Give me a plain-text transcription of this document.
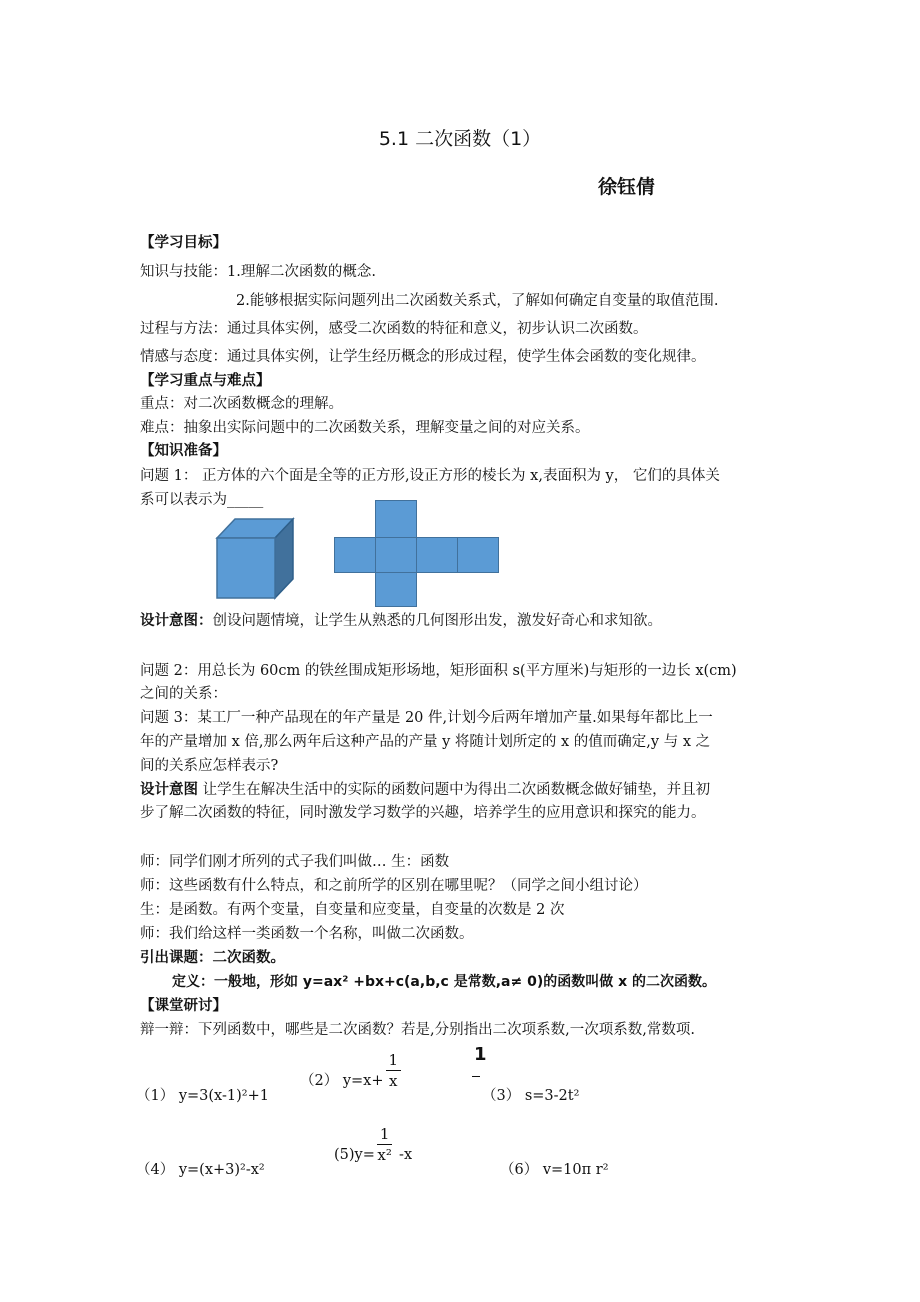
5.1 二次函数（1）
徐钰倩
【学习目标】
知识与技能：1.理解二次函数的概念.
2.能够根据实际问题列出二次函数关系式，了解如何确定自变量的取值范围.
过程与方法：通过具体实例，感受二次函数的特征和意义，初步认识二次函数。
情感与态度：通过具体实例，让学生经历概念的形成过程，使学生体会函数的变化规律。
【学习重点与难点】
重点：对二次函数概念的理解。
难点：抽象出实际问题中的二次函数关系，理解变量之间的对应关系。
【知识准备】
问题 1： 正方体的六个面是全等的正方形,设正方形的棱长为 x,表面积为 y， 它们的具体关
系可以表示为_____
设计意图：创设问题情境，让学生从熟悉的几何图形出发，激发好奇心和求知欲。
问题 2：用总长为 60cm 的铁丝围成矩形场地，矩形面积 s(平方厘米)与矩形的一边长 x(cm)
之间的关系：
问题 3：某工厂一种产品现在的年产量是 20 件,计划今后两年增加产量.如果每年都比上一
年的产量增加 x 倍,那么两年后这种产品的产量 y 将随计划所定的 x 的值而确定,y 与 x 之
间的关系应怎样表示?
设计意图 让学生在解决生活中的实际的函数问题中为得出二次函数概念做好铺垫，并且初
步了解二次函数的特征，同时激发学习数学的兴趣，培养学生的应用意识和探究的能力。
师：同学们刚才所列的式子我们叫做… 生：函数
师：这些函数有什么特点，和之前所学的区别在哪里呢？（同学之间小组讨论）
生：是函数。有两个变量，自变量和应变量，自变量的次数是 2 次
师：我们给这样一类函数一个名称，叫做二次函数。
引出课题：二次函数。
定义：一般地，形如 y=ax² +bx+c(a,b,c 是常数,a≠ 0)的函数叫做 x 的二次函数。
【课堂研讨】
辩一辩：下列函数中，哪些是二次函数？若是,分别指出二次项系数,一次项系数,常数项.
（1） y=3(x-1)²+1
（2） $y=x+ \frac{1}{x}$	1
（3） s=3-2t²
（4） y=(x+3)²-x²
$(5)y= \frac{1}{\text{x²}} -x$
（6） v=10π r²
